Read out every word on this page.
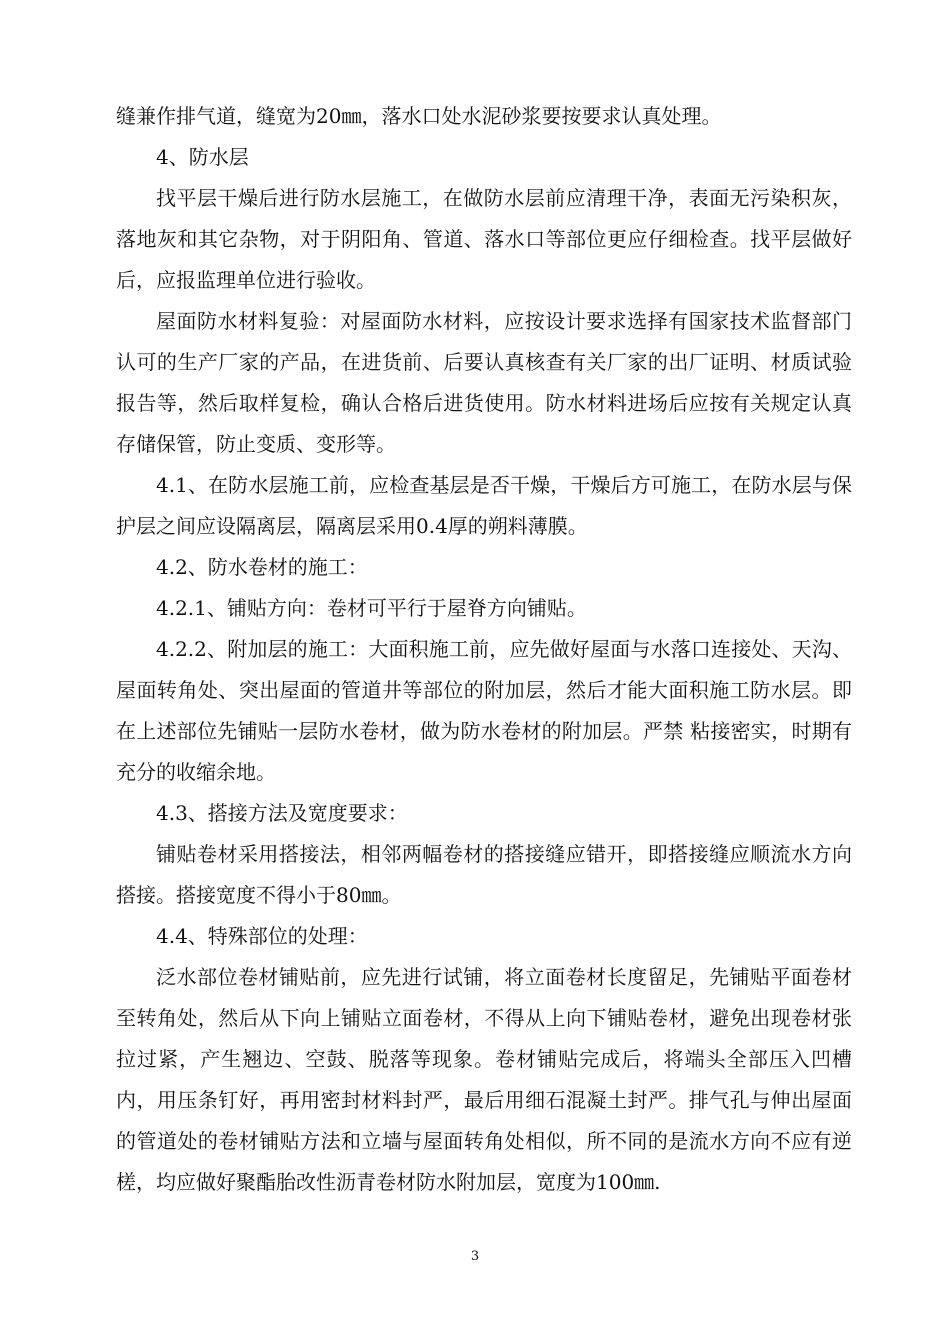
缝兼作排气道，缝宽为20㎜，落水口处水泥砂浆要按要求认真处理。

4、防水层

找平层干燥后进行防水层施工，在做防水层前应清理干净，表面无污染积灰，落地灰和其它杂物，对于阴阳角、管道、落水口等部位更应仔细检查。找平层做好后，应报监理单位进行验收。

屋面防水材料复验：对屋面防水材料，应按设计要求选择有国家技术监督部门认可的生产厂家的产品，在进货前、后要认真核查有关厂家的出厂证明、材质试验报告等，然后取样复检，确认合格后进货使用。防水材料进场后应按有关规定认真存储保管，防止变质、变形等。

4.1、在防水层施工前，应检查基层是否干燥，干燥后方可施工，在防水层与保护层之间应设隔离层，隔离层采用0.4厚的朔料薄膜。

4.2、防水卷材的施工：

4.2.1、铺贴方向：卷材可平行于屋脊方向铺贴。

4.2.2、附加层的施工：大面积施工前，应先做好屋面与水落口连接处、天沟、屋面转角处、突出屋面的管道井等部位的附加层，然后才能大面积施工防水层。即在上述部位先铺贴一层防水卷材，做为防水卷材的附加层。严禁 粘接密实，时期有充分的收缩余地。

4.3、搭接方法及宽度要求：

铺贴卷材采用搭接法，相邻两幅卷材的搭接缝应错开，即搭接缝应顺流水方向搭接。搭接宽度不得小于80㎜。

4.4、特殊部位的处理：

泛水部位卷材铺贴前，应先进行试铺，将立面卷材长度留足，先铺贴平面卷材至转角处，然后从下向上铺贴立面卷材，不得从上向下铺贴卷材，避免出现卷材张拉过紧，产生翘边、空鼓、脱落等现象。卷材铺贴完成后，将端头全部压入凹槽内，用压条钉好，再用密封材料封严，最后用细石混凝土封严。排气孔与伸出屋面的管道处的卷材铺贴方法和立墙与屋面转角处相似，所不同的是流水方向不应有逆槎，均应做好聚酯胎改性沥青卷材防水附加层，宽度为100㎜.

3
